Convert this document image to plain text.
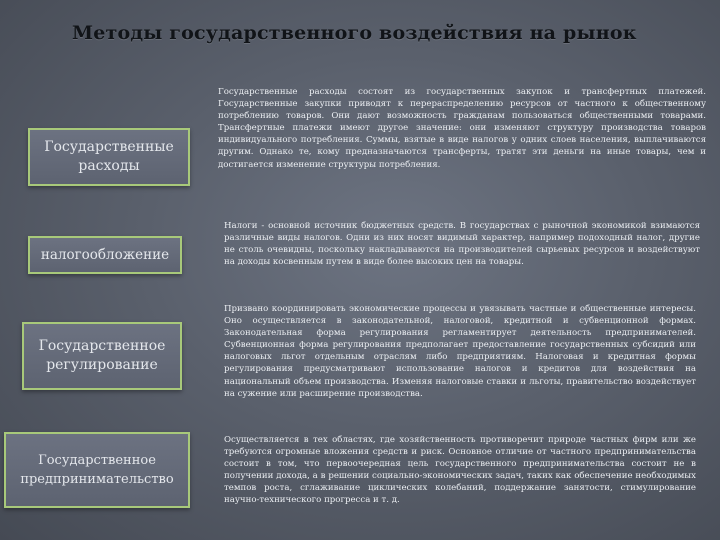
Методы государственного воздействия на рынок
Государственные расходы
Государственные расходы состоят из государственных закупок и трансфертных платежей. Государственные закупки приводят к перераспределению ресурсов от частного к общественному потреблению товаров. Они дают возможность гражданам пользоваться общественными товарами. Трансфертные платежи имеют другое значение: они изменяют структуру производства товаров индивидуального потребления. Суммы, взятые в виде налогов у одних слоев населения, выплачиваются другим. Однако те, кому предназначаются трансферты, тратят эти деньги на иные товары, чем и достигается изменение структуры потребления.
налогообложение
Налоги - основной источник бюджетных средств. В государствах с рыночной экономикой взимаются различные виды налогов. Одни из них носят видимый характер, например подоходный налог, другие не столь очевидны, поскольку накладываются на производителей сырьевых ресурсов и воздействуют на доходы косвенным путем в виде более высоких цен на товары.
Государственное регулирование
Призвано координировать экономические процессы и увязывать частные и общественные интересы. Оно осуществляется в законодательной, налоговой, кредитной и субвенционной формах. Законодательная форма регулирования регламентирует деятельность предпринимателей. Субвенционная форма регулирования предполагает предоставление государственных субсидий или налоговых льгот отдельным отраслям либо предприятиям. Налоговая и кредитная формы регулирования предусматривают использование налогов и кредитов для воздействия на национальный объем производства. Изменяя налоговые ставки и льготы, правительство воздействует на сужение или расширение производства.
Государственное предпринимательство
Осуществляется в тех областях, где хозяйственность противоречит природе частных фирм или же требуются огромные вложения средств и риск. Основное отличие от частного предпринимательства состоит в том, что первоочередная цель государственного предпринимательства состоит не в получении дохода, а в решении социально-экономических задач, таких как обеспечение необходимых темпов роста, сглаживание циклических колебаний, поддержание занятости, стимулирование научно-технического прогресса и т. д.
